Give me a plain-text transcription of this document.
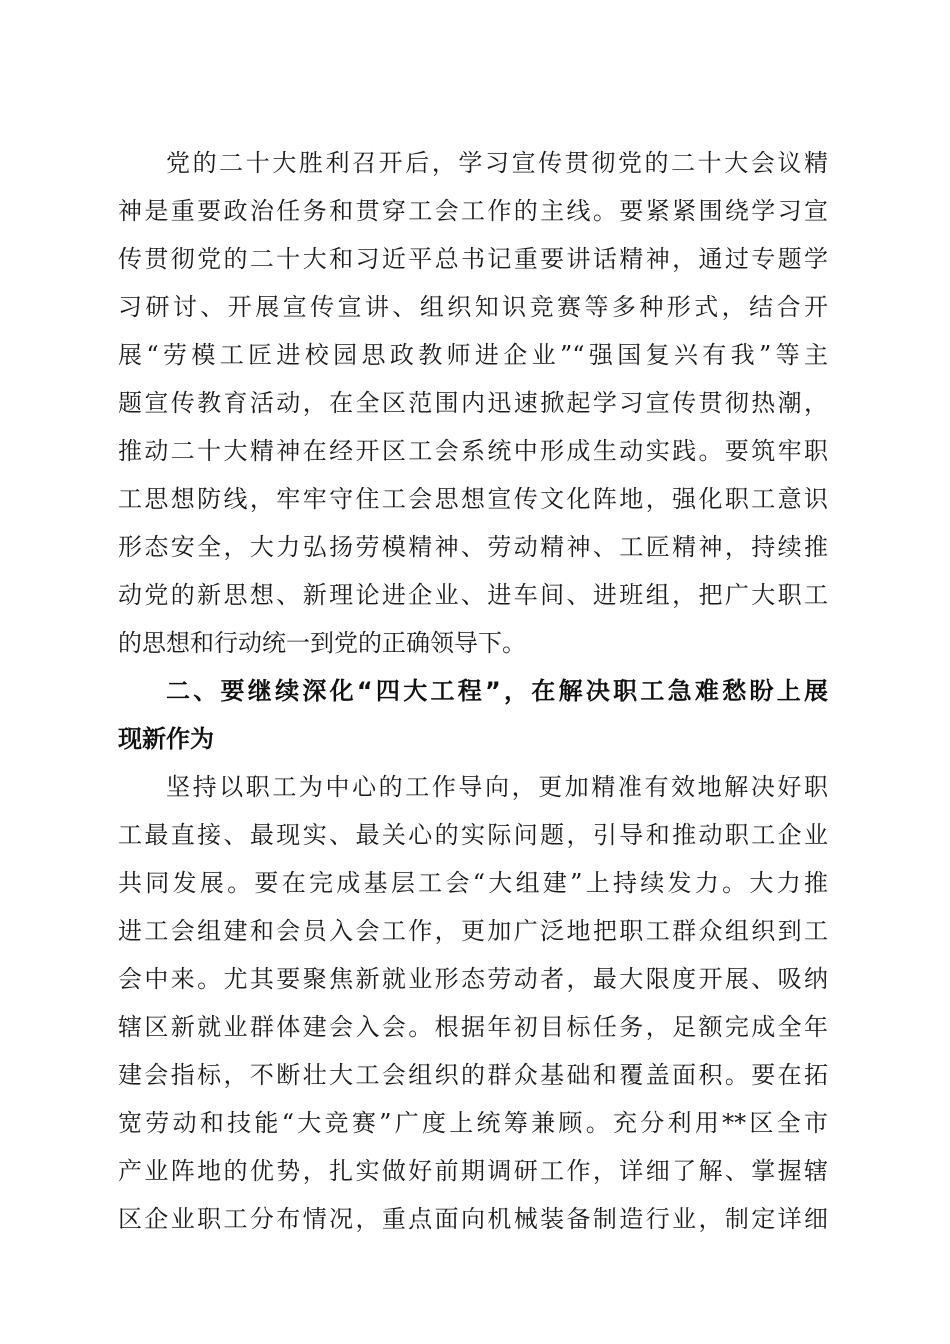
党的二十大胜利召开后，学习宣传贯彻党的二十大会议精
神是重要政治任务和贯穿工会工作的主线。要紧紧围绕学习宣
传贯彻党的二十大和习近平总书记重要讲话精神，通过专题学
习研讨、开展宣传宣讲、组织知识竞赛等多种形式，结合开
展“劳模工匠进校园思政教师进企业”“强国复兴有我”等主
题宣传教育活动，在全区范围内迅速掀起学习宣传贯彻热潮，
推动二十大精神在经开区工会系统中形成生动实践。要筑牢职
工思想防线，牢牢守住工会思想宣传文化阵地，强化职工意识
形态安全，大力弘扬劳模精神、劳动精神、工匠精神，持续推
动党的新思想、新理论进企业、进车间、进班组，把广大职工
的思想和行动统一到党的正确领导下。
二、要继续深化“四大工程”，在解决职工急难愁盼上展
现新作为
坚持以职工为中心的工作导向，更加精准有效地解决好职
工最直接、最现实、最关心的实际问题，引导和推动职工企业
共同发展。要在完成基层工会“大组建”上持续发力。大力推
进工会组建和会员入会工作，更加广泛地把职工群众组织到工
会中来。尤其要聚焦新就业形态劳动者，最大限度开展、吸纳
辖区新就业群体建会入会。根据年初目标任务，足额完成全年
建会指标，不断壮大工会组织的群众基础和覆盖面积。要在拓
宽劳动和技能“大竞赛”广度上统筹兼顾。充分利用**区全市
产业阵地的优势，扎实做好前期调研工作，详细了解、掌握辖
区企业职工分布情况，重点面向机械装备制造行业，制定详细
